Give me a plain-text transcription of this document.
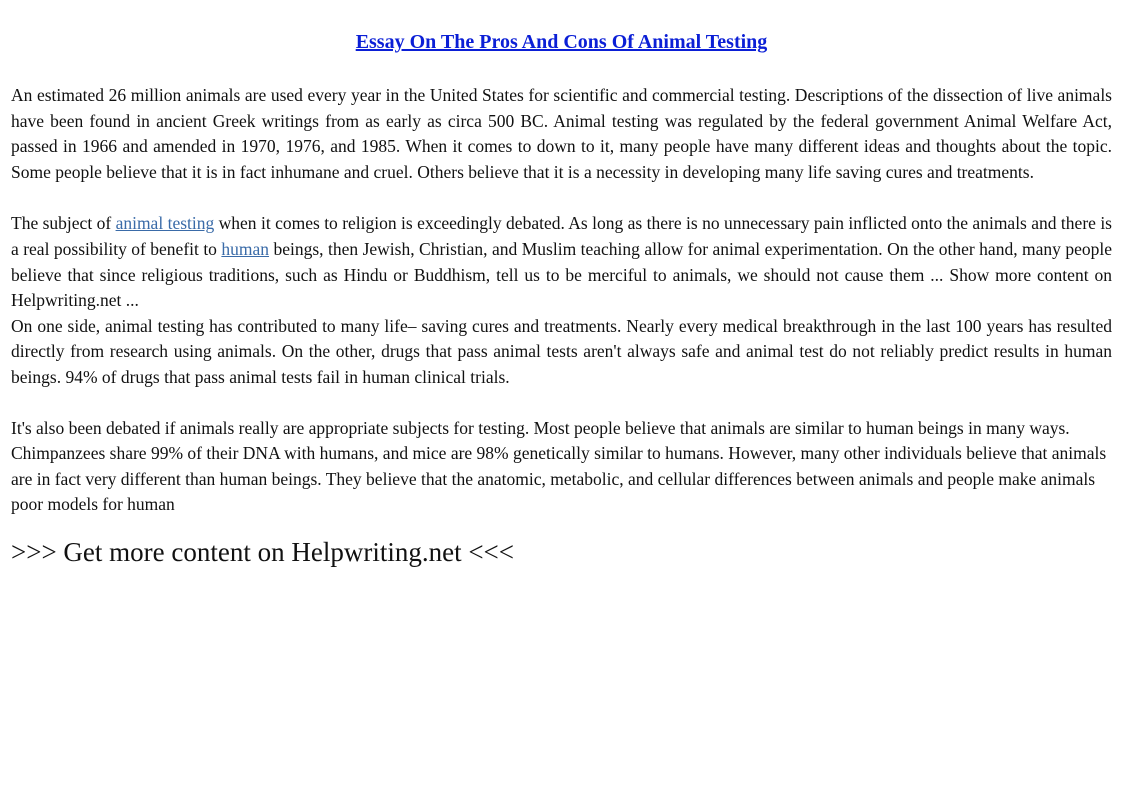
Essay On The Pros And Cons Of Animal Testing

An estimated 26 million animals are used every year in the United States for scientific and commercial testing. Descriptions of the dissection of live animals have been found in ancient Greek writings from as early as circa 500 BC. Animal testing was regulated by the federal government Animal Welfare Act, passed in 1966 and amended in 1970, 1976, and 1985. When it comes to down to it, many people have many different ideas and thoughts about the topic. Some people believe that it is in fact inhumane and cruel. Others believe that it is a necessity in developing many life saving cures and treatments.

The subject of animal testing when it comes to religion is exceedingly debated. As long as there is no unnecessary pain inflicted onto the animals and there is a real possibility of benefit to human beings, then Jewish, Christian, and Muslim teaching allow for animal experimentation. On the other hand, many people believe that since religious traditions, such as Hindu or Buddhism, tell us to be merciful to animals, we should not cause them ... Show more content on Helpwriting.net ...

On one side, animal testing has contributed to many life– saving cures and treatments. Nearly every medical breakthrough in the last 100 years has resulted directly from research using animals. On the other, drugs that pass animal tests aren't always safe and animal test do not reliably predict results in human beings. 94% of drugs that pass animal tests fail in human clinical trials.

It's also been debated if animals really are appropriate subjects for testing. Most people believe that animals are similar to human beings in many ways. Chimpanzees share 99% of their DNA with humans, and mice are 98% genetically similar to humans. However, many other individuals believe that animals are in fact very different than human beings. They believe that the anatomic, metabolic, and cellular differences between animals and people make animals poor models for human

>>> Get more content on Helpwriting.net <<<
